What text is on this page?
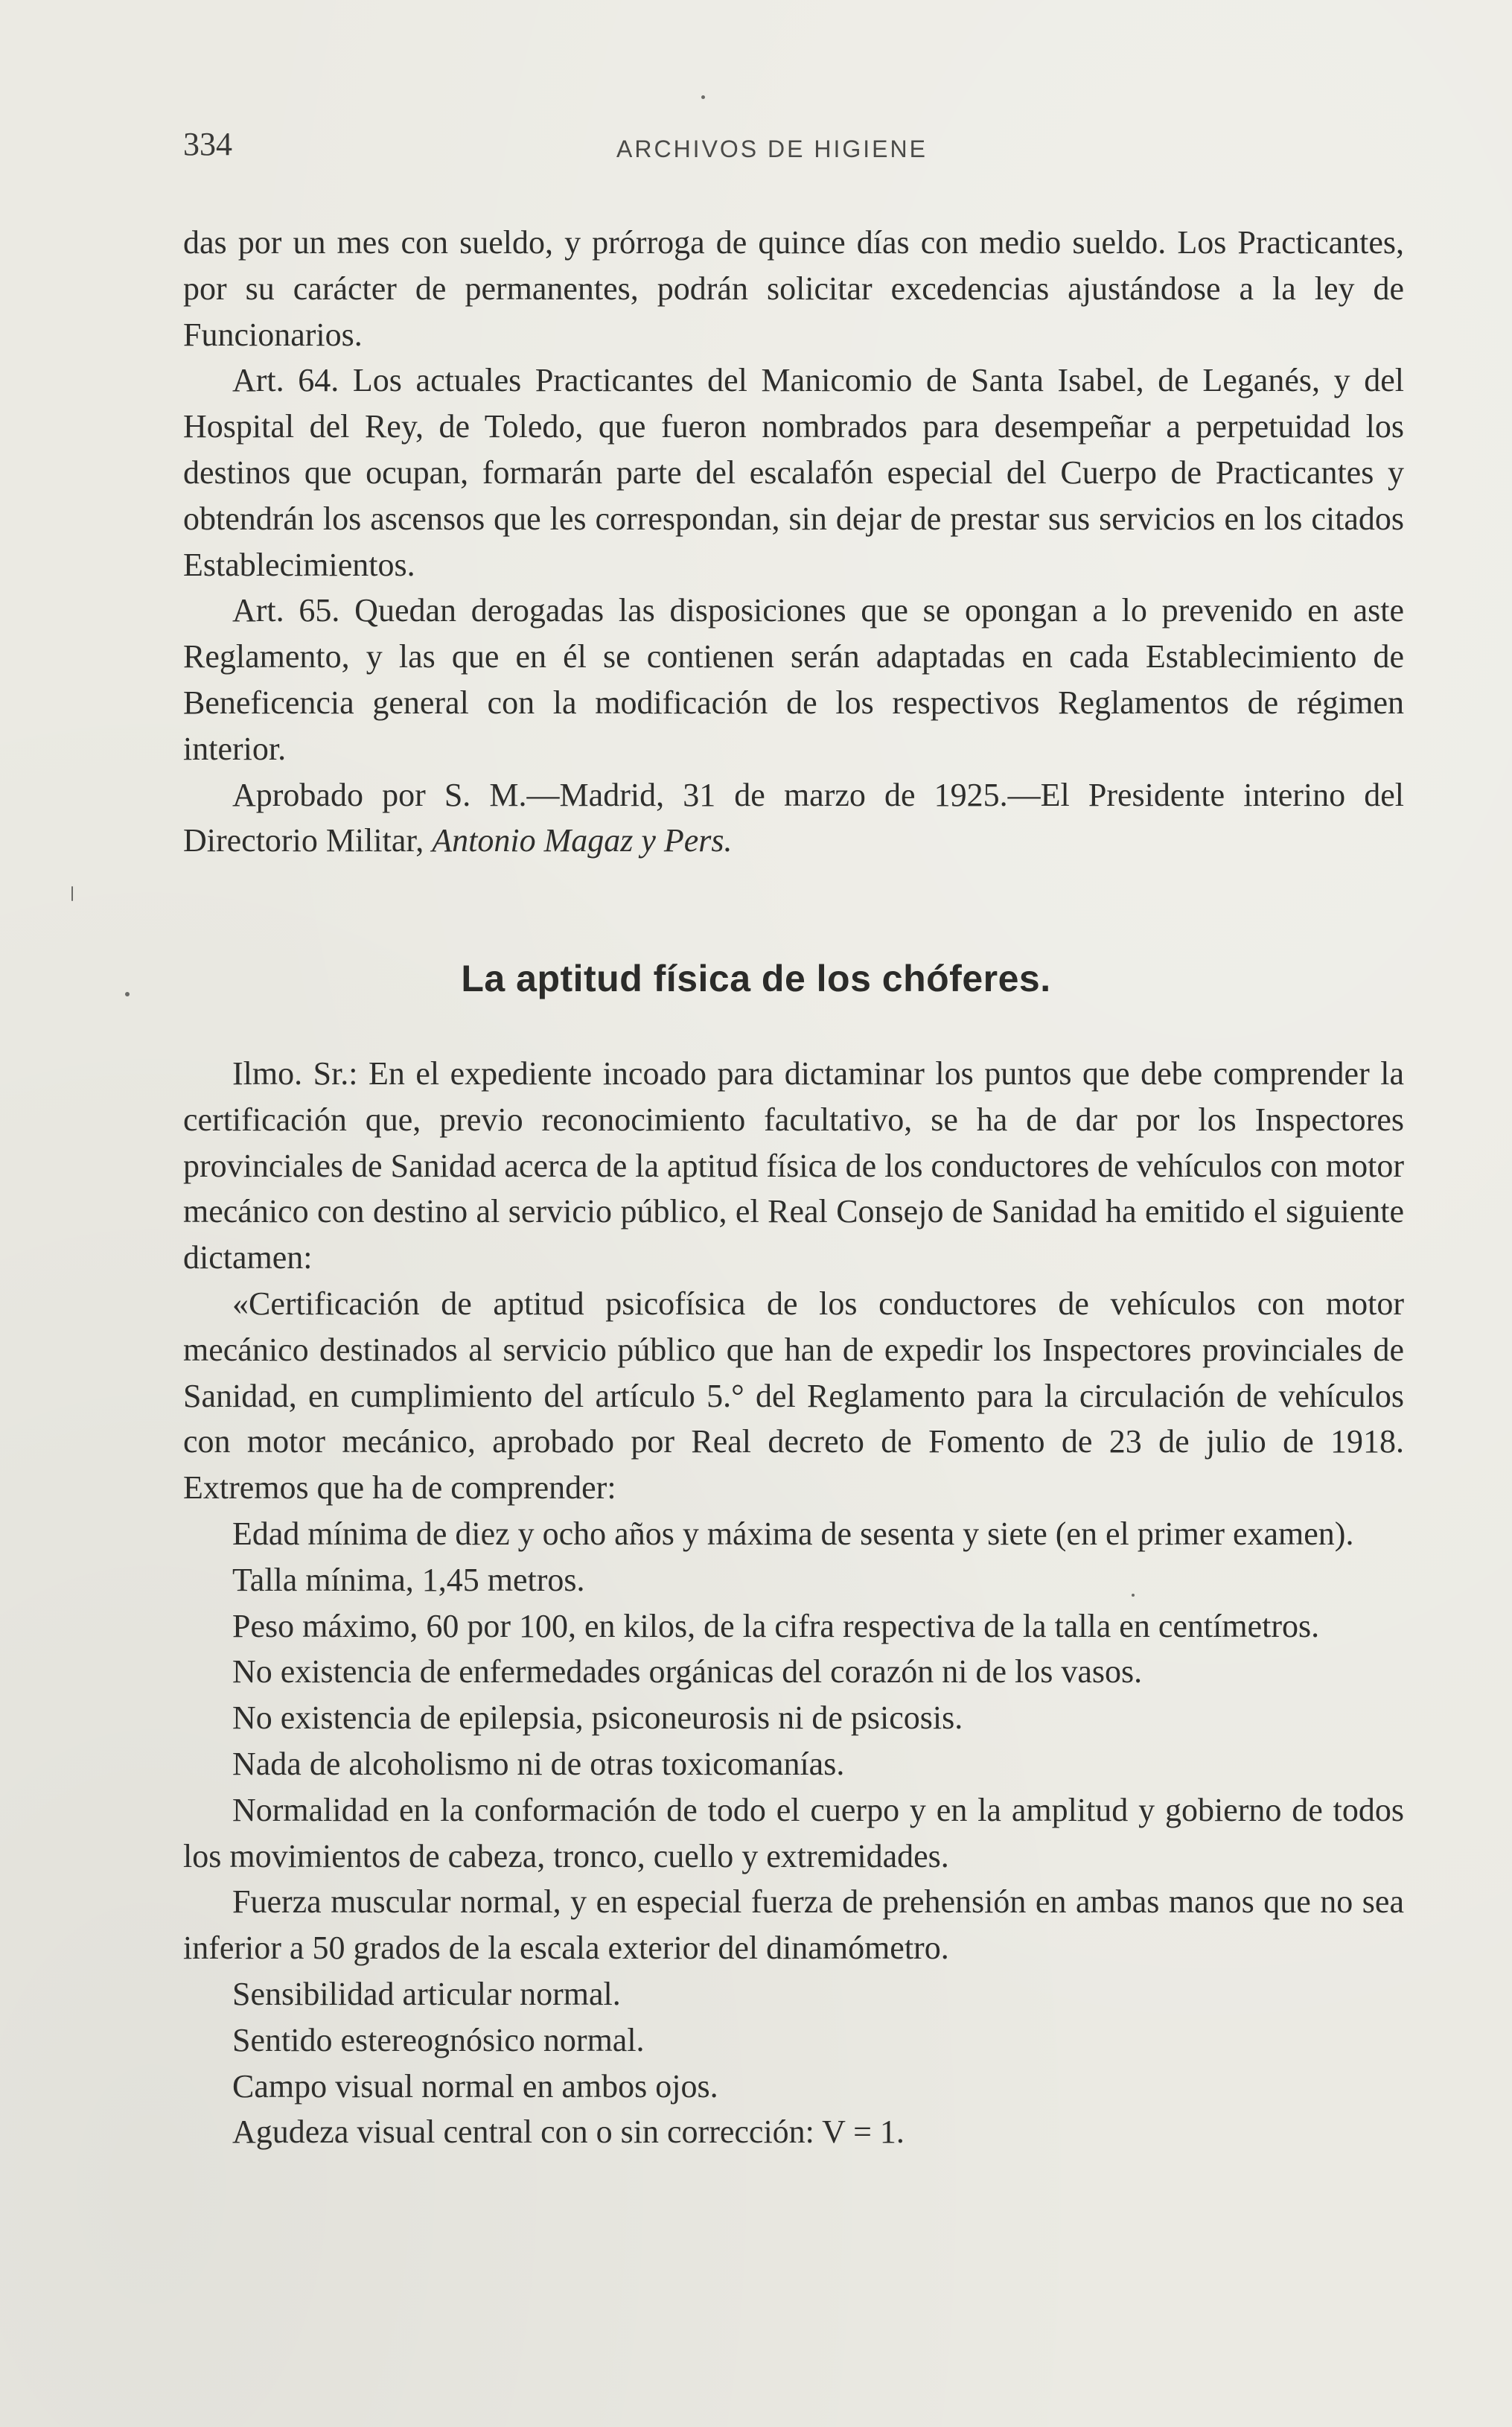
334	ARCHIVOS DE HIGIENE

das por un mes con sueldo, y prórroga de quince días con medio sueldo. Los Practicantes, por su carácter de permanentes, podrán solicitar excedencias ajustándose a la ley de Funcionarios.

Art. 64. Los actuales Practicantes del Manicomio de Santa Isabel, de Leganés, y del Hospital del Rey, de Toledo, que fueron nombrados para desempeñar a perpetuidad los destinos que ocupan, formarán parte del escalafón especial del Cuerpo de Practicantes y obtendrán los ascensos que les correspondan, sin dejar de prestar sus servicios en los citados Establecimientos.

Art. 65. Quedan derogadas las disposiciones que se opongan a lo prevenido en aste Reglamento, y las que en él se contienen serán adaptadas en cada Establecimiento de Beneficencia general con la modificación de los respectivos Reglamentos de régimen interior.

Aprobado por S. M.—Madrid, 31 de marzo de 1925.—El Presidente interino del Directorio Militar, Antonio Magaz y Pers.

La aptitud física de los chóferes.

Ilmo. Sr.: En el expediente incoado para dictaminar los puntos que debe comprender la certificación que, previo reconocimiento facultativo, se ha de dar por los Inspectores provinciales de Sanidad acerca de la aptitud física de los conductores de vehículos con motor mecánico con destino al servicio público, el Real Consejo de Sanidad ha emitido el siguiente dictamen:

«Certificación de aptitud psicofísica de los conductores de vehículos con motor mecánico destinados al servicio público que han de expedir los Inspectores provinciales de Sanidad, en cumplimiento del artículo 5.° del Reglamento para la circulación de vehículos con motor mecánico, aprobado por Real decreto de Fomento de 23 de julio de 1918. Extremos que ha de comprender:

Edad mínima de diez y ocho años y máxima de sesenta y siete (en el primer examen).

Talla mínima, 1,45 metros.

Peso máximo, 60 por 100, en kilos, de la cifra respectiva de la talla en centímetros.

No existencia de enfermedades orgánicas del corazón ni de los vasos.

No existencia de epilepsia, psiconeurosis ni de psicosis.

Nada de alcoholismo ni de otras toxicomanías.

Normalidad en la conformación de todo el cuerpo y en la amplitud y gobierno de todos los movimientos de cabeza, tronco, cuello y extremidades.

Fuerza muscular normal, y en especial fuerza de prehensión en ambas manos que no sea inferior a 50 grados de la escala exterior del dinamómetro.

Sensibilidad articular normal.

Sentido estereognósico normal.

Campo visual normal en ambos ojos.

Agudeza visual central con o sin corrección: V = 1.
